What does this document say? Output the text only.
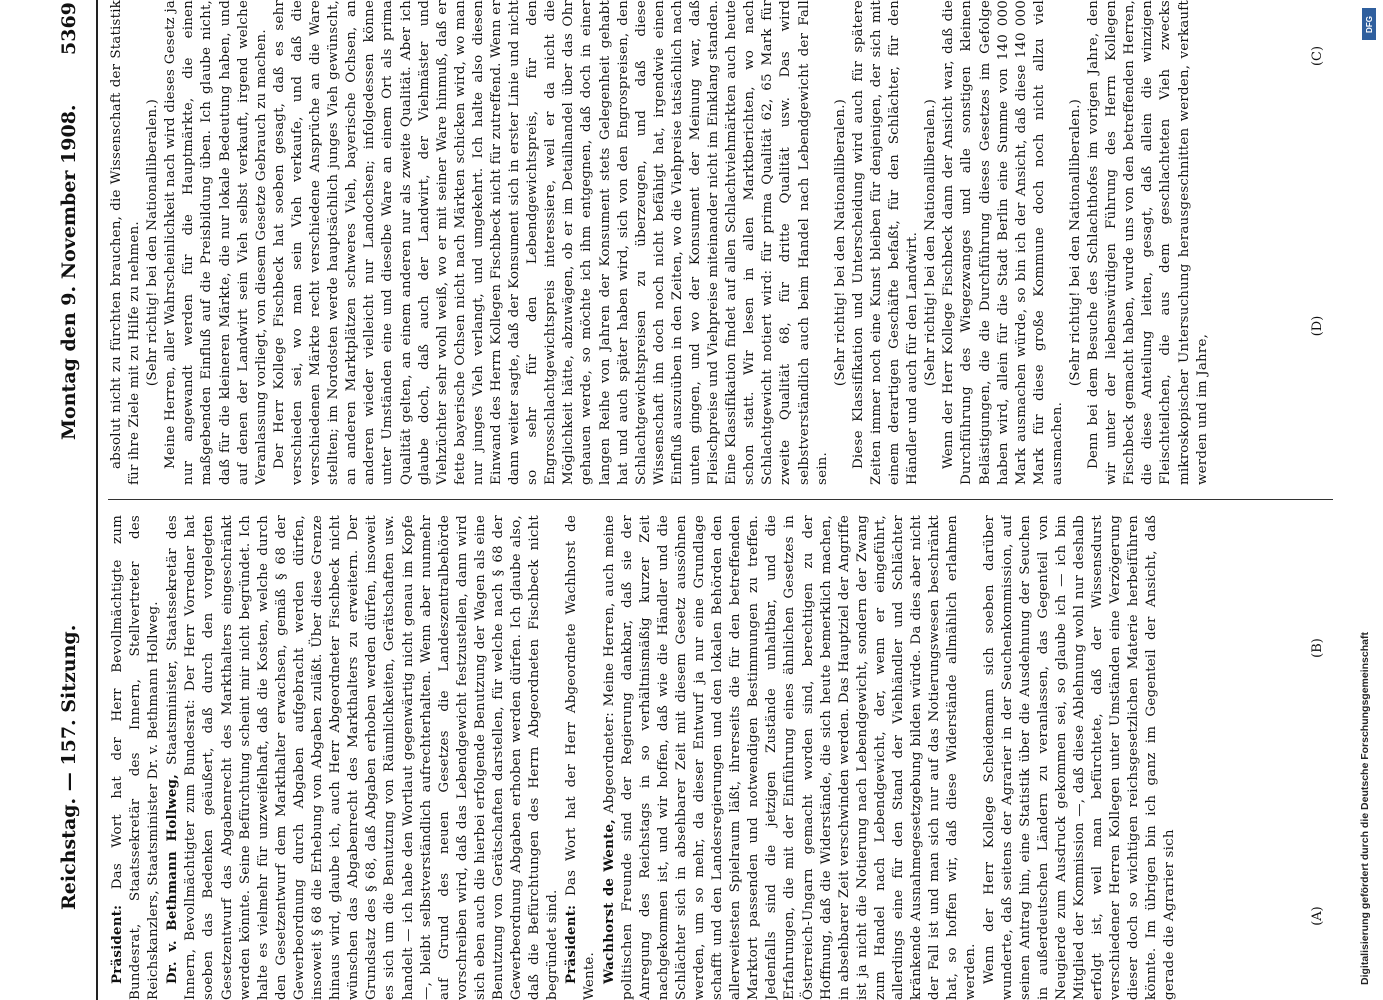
Reichstag. — 157. Sitzung.
Montag den 9. November 1908.
5369

Präsident: Das Wort hat der Herr Bevollmächtigte zum Bundesrat, Staatssekretär des Innern, Stellvertreter des Reichskanzlers, Staatsminister Dr. v. Bethmann Hollweg. Dr. v. Bethmann Hollweg, Staatsminister, Staatssekretär des Innern, Bevollmächtigter zum Bundesrat: Der Herr Vorredner hat soeben das Bedenken geäußert, daß durch den vorgelegten Gesetzentwurf das Abgabenrecht des Markthalters eingeschränkt werden könnte. Seine Befürchtung scheint mir nicht begründet. Ich halte es vielmehr für unzweifelhaft, daß die Kosten, welche durch den Gesetzentwurf dem Markthalter erwachsen, gemäß § 68 der Gewerbeordnung durch Abgaben aufgebracht werden dürfen, insoweit § 68 die Erhebung von Abgaben zuläßt. Über diese Grenze hinaus wird, glaube ich, auch Herr Abgeordneter Fischbeck nicht wünschen das Abgabenrecht des Markthalters zu erweitern. Der Grundsatz des § 68, daß Abgaben erhoben werden dürfen, insoweit es sich um die Benutzung von Räumlichkeiten, Gerätschaften usw. handelt — ich habe den Wortlaut gegenwärtig nicht genau im Kopfe —, bleibt selbstverständlich aufrechterhalten. Wenn aber nunmehr auf Grund des neuen Gesetzes die Landeszentralbehörde vorschreiben wird, daß das Lebendgewicht festzustellen, dann wird sich eben auch die hierbei erfolgende Benutzung der Wagen als eine Benutzung von Gerätschaften darstellen, für welche nach § 68 der Gewerbeordnung Abgaben erhoben werden dürfen. Ich glaube also, daß die Befürchtungen des Herrn Abgeordneten Fischbeck nicht begründet sind. Präsident: Das Wort hat der Herr Abgeordnete Wachhorst de Wente. Wachhorst de Wente, Abgeordneter: Meine Herren, auch meine politischen Freunde sind der Regierung dankbar, daß sie der Anregung des Reichstags in so verhältnismäßig kurzer Zeit nachgekommen ist, und wir hoffen, daß wie die Händler und die Schlächter sich in absehbarer Zeit mit diesem Gesetz aussöhnen werden, um so mehr, da dieser Entwurf ja nur eine Grundlage schafft und den Landesregierungen und den lokalen Behörden den allerweitesten Spielraum läßt, ihrerseits die für den betreffenden Marktort passenden und notwendigen Bestimmungen zu treffen. Jedenfalls sind die jetzigen Zustände unhaltbar, und die Erfahrungen, die mit der Einführung eines ähnlichen Gesetzes in Österreich-Ungarn gemacht worden sind, berechtigen zu der Hoffnung, daß die Widerstände, die sich heute bemerklich machen, in absehbarer Zeit verschwinden werden. Das Hauptziel der Angriffe ist ja nicht die Notierung nach Lebendgewicht, sondern der Zwang zum Handel nach Lebendgewicht, der, wenn er eingeführt, allerdings eine für den Stand der Viehhändler und Schlächter kränkende Ausnahmegesetzgebung bilden würde. Da dies aber nicht der Fall ist und man sich nur auf das Notierungswesen beschränkt hat, so hoffen wir, daß diese Widerstände allmählich erlahmen werden. Wenn der Herr Kollege Scheidemann sich soeben darüber wunderte, daß seitens der Agrarier in der Seuchenkommission, auf seinen Antrag hin, eine Statistik über die Ausdehnung der Seuchen in außerdeutschen Ländern zu veranlassen, das Gegenteil von Neugierde zum Ausdruck gekommen sei, so glaube ich — ich bin Mitglied der Kommission —, daß diese Ablehnung wohl nur deshalb erfolgt ist, weil man befürchtete, daß der Wissensdurst verschiedener Herren Kollegen unter Umständen eine Verzögerung dieser doch so wichtigen reichsgesetzlichen Materie herbeiführen könnte. Im übrigen bin ich ganz im Gegenteil der Ansicht, daß gerade die Agrarier sich

absolut nicht zu fürchten brauchen, die Wissenschaft der Statistik für ihre Ziele mit zu Hilfe zu nehmen. (Sehr richtig! bei den Nationalliberalen.) Meine Herren, aller Wahrscheinlichkeit nach wird dieses Gesetz ja nur angewandt werden für die Hauptmärkte, die einen maßgebenden Einfluß auf die Preisbildung üben. Ich glaube nicht, daß für die kleineren Märkte, die nur lokale Bedeutung haben, und auf denen der Landwirt sein Vieh selbst verkauft, irgend welche Veranlassung vorliegt, von diesem Gesetze Gebrauch zu machen. Der Herr Kollege Fischbeck hat soeben gesagt, daß es sehr verschieden sei, wo man sein Vieh verkaufe, und daß die verschiedenen Märkte recht verschiedene Ansprüche an die Ware stellten; im Nordosten werde hauptsächlich junges Vieh gewünscht, an anderen Marktplätzen schweres Vieh, bayerische Ochsen, an anderen wieder vielleicht nur Landochsen; infolgedessen könne unter Umständen eine und dieselbe Ware an einem Ort als prima Qualität gelten, an einem anderen nur als zweite Qualität. Aber ich glaube doch, daß auch der Landwirt, der Viehmäster und Viehzüchter sehr wohl weiß, wo er mit seiner Ware hinmuß, daß er fette bayerische Ochsen nicht nach Märkten schicken wird, wo man nur junges Vieh verlangt, und umgekehrt. Ich halte also diesen Einwand des Herrn Kollegen Fischbeck nicht für zutreffend. Wenn er dann weiter sagte, daß der Konsument sich in erster Linie und nicht so sehr für den Lebendgewichtspreis, für den Engrosschlachtgewichtspreis interessiere, weil er da nicht die Möglichkeit hätte, abzuwägen, ob er im Detailhandel über das Ohr gehauen werde, so möchte ich ihm entgegnen, daß doch in einer langen Reihe von Jahren der Konsument stets Gelegenheit gehabt hat und auch später haben wird, sich von den Engrospreisen, den Schlachtgewichtspreisen zu überzeugen, und daß diese Wissenschaft ihn doch noch nicht befähigt hat, irgendwie einen Einfluß auszuüben in den Zeiten, wo die Viehpreise tatsächlich nach unten gingen, und wo der Konsument der Meinung war, daß Fleischpreise und Viehpreise miteinander nicht im Einklang standen. Eine Klassifikation findet auf allen Schlachtviehmärkten auch heute schon statt. Wir lesen in allen Marktberichten, wo nach Schlachtgewicht notiert wird: für prima Qualität 62, 65 Mark für zweite Qualität 68, für dritte Qualität usw. Das wird selbstverständlich auch beim Handel nach Lebendgewicht der Fall sein.

(Sehr richtig! bei den Nationalliberalen.) Diese Klassifikation und Unterscheidung wird auch für spätere Zeiten immer noch eine Kunst bleiben für denjenigen, der sich mit einem derartigen Geschäfte befaßt, für den Schlächter, für den Händler und auch für den Landwirt. (Sehr richtig! bei den Nationalliberalen.) Wenn der Herr Kollege Fischbeck dann der Ansicht war, daß die Durchführung des Wiegezwanges und alle sonstigen kleinen Belästigungen, die die Durchführung dieses Gesetzes im Gefolge haben wird, allein für die Stadt Berlin eine Summe von 140 000 Mark ausmachen würde, so bin ich der Ansicht, daß diese 140 000 Mark für diese große Kommune doch noch nicht allzu viel ausmachen.

(Sehr richtig! bei den Nationalliberalen.) Denn bei dem Besuche des Schlachthofes im vorigen Jahre, den wir unter der liebenswürdigen Führung des Herrn Kollegen Fischbeck gemacht haben, wurde uns von den betreffenden Herren, die diese Anteilung leiten, gesagt, daß allein die winzigen Fleischteilchen, die aus dem geschlachteten Vieh zwecks mikroskopischer Untersuchung herausgeschnitten werden, verkauft werden und im Jahre,

(A)
(B)
(C)
(D)
Digitalisierung gefördert durch die Deutsche Forschungsgemeinschaft
DFG
